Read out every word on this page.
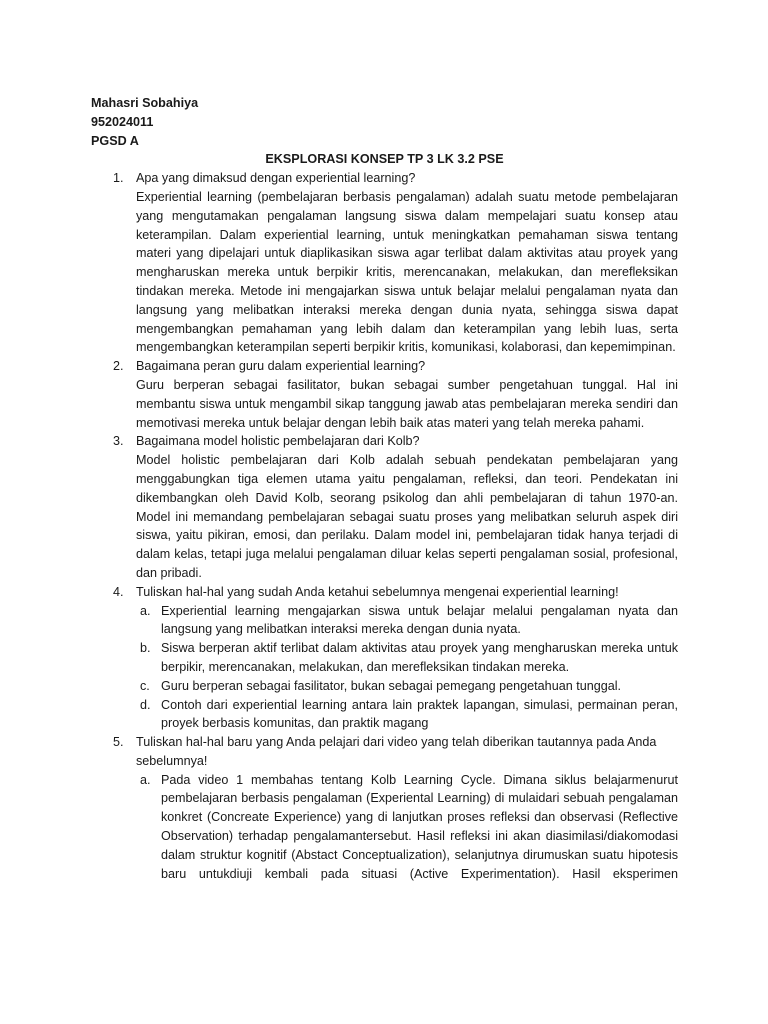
Mahasri Sobahiya
952024011
PGSD A
EKSPLORASI KONSEP TP 3 LK 3.2 PSE
1. Apa yang dimaksud dengan experiential learning?
Experiential learning (pembelajaran berbasis pengalaman) adalah suatu metode pembelajaran yang mengutamakan pengalaman langsung siswa dalam mempelajari suatu konsep atau keterampilan. Dalam experiential learning, untuk meningkatkan pemahaman siswa tentang materi yang dipelajari untuk diaplikasikan siswa agar terlibat dalam aktivitas atau proyek yang mengharuskan mereka untuk berpikir kritis, merencanakan, melakukan, dan merefleksikan tindakan mereka. Metode ini mengajarkan siswa untuk belajar melalui pengalaman nyata dan langsung yang melibatkan interaksi mereka dengan dunia nyata, sehingga siswa dapat mengembangkan pemahaman yang lebih dalam dan keterampilan yang lebih luas, serta mengembangkan keterampilan seperti berpikir kritis, komunikasi, kolaborasi, dan kepemimpinan.
2. Bagaimana peran guru dalam experiential learning?
Guru berperan sebagai fasilitator, bukan sebagai sumber pengetahuan tunggal. Hal ini membantu siswa untuk mengambil sikap tanggung jawab atas pembelajaran mereka sendiri dan memotivasi mereka untuk belajar dengan lebih baik atas materi yang telah mereka pahami.
3. Bagaimana model holistic pembelajaran dari Kolb?
Model holistic pembelajaran dari Kolb adalah sebuah pendekatan pembelajaran yang menggabungkan tiga elemen utama yaitu pengalaman, refleksi, dan teori. Pendekatan ini dikembangkan oleh David Kolb, seorang psikolog dan ahli pembelajaran di tahun 1970-an. Model ini memandang pembelajaran sebagai suatu proses yang melibatkan seluruh aspek diri siswa, yaitu pikiran, emosi, dan perilaku. Dalam model ini, pembelajaran tidak hanya terjadi di dalam kelas, tetapi juga melalui pengalaman diluar kelas seperti pengalaman sosial, profesional, dan pribadi.
4. Tuliskan hal-hal yang sudah Anda ketahui sebelumnya mengenai experiential learning!
a. Experiential learning mengajarkan siswa untuk belajar melalui pengalaman nyata dan langsung yang melibatkan interaksi mereka dengan dunia nyata.
b. Siswa berperan aktif terlibat dalam aktivitas atau proyek yang mengharuskan mereka untuk berpikir, merencanakan, melakukan, dan merefleksikan tindakan mereka.
c. Guru berperan sebagai fasilitator, bukan sebagai pemegang pengetahuan tunggal.
d. Contoh dari experiential learning antara lain praktek lapangan, simulasi, permainan peran, proyek berbasis komunitas, dan praktik magang
5. Tuliskan hal-hal baru yang Anda pelajari dari video yang telah diberikan tautannya pada Anda sebelumnya!
a. Pada video 1 membahas tentang Kolb Learning Cycle. Dimana siklus belajarmenurut pembelajaran berbasis pengalaman (Experiental Learning) di mulaidari sebuah pengalaman konkret (Concreate Experience) yang di lanjutkan proses refleksi dan observasi (Reflective Observation) terhadap pengalamantersebut. Hasil refleksi ini akan diasimilasi/diakomodasi dalam struktur kognitif (Abstact Conceptualization), selanjutnya dirumuskan suatu hipotesis baru untukdiuji kembali pada situasi (Active Experimentation). Hasil eksperimen
